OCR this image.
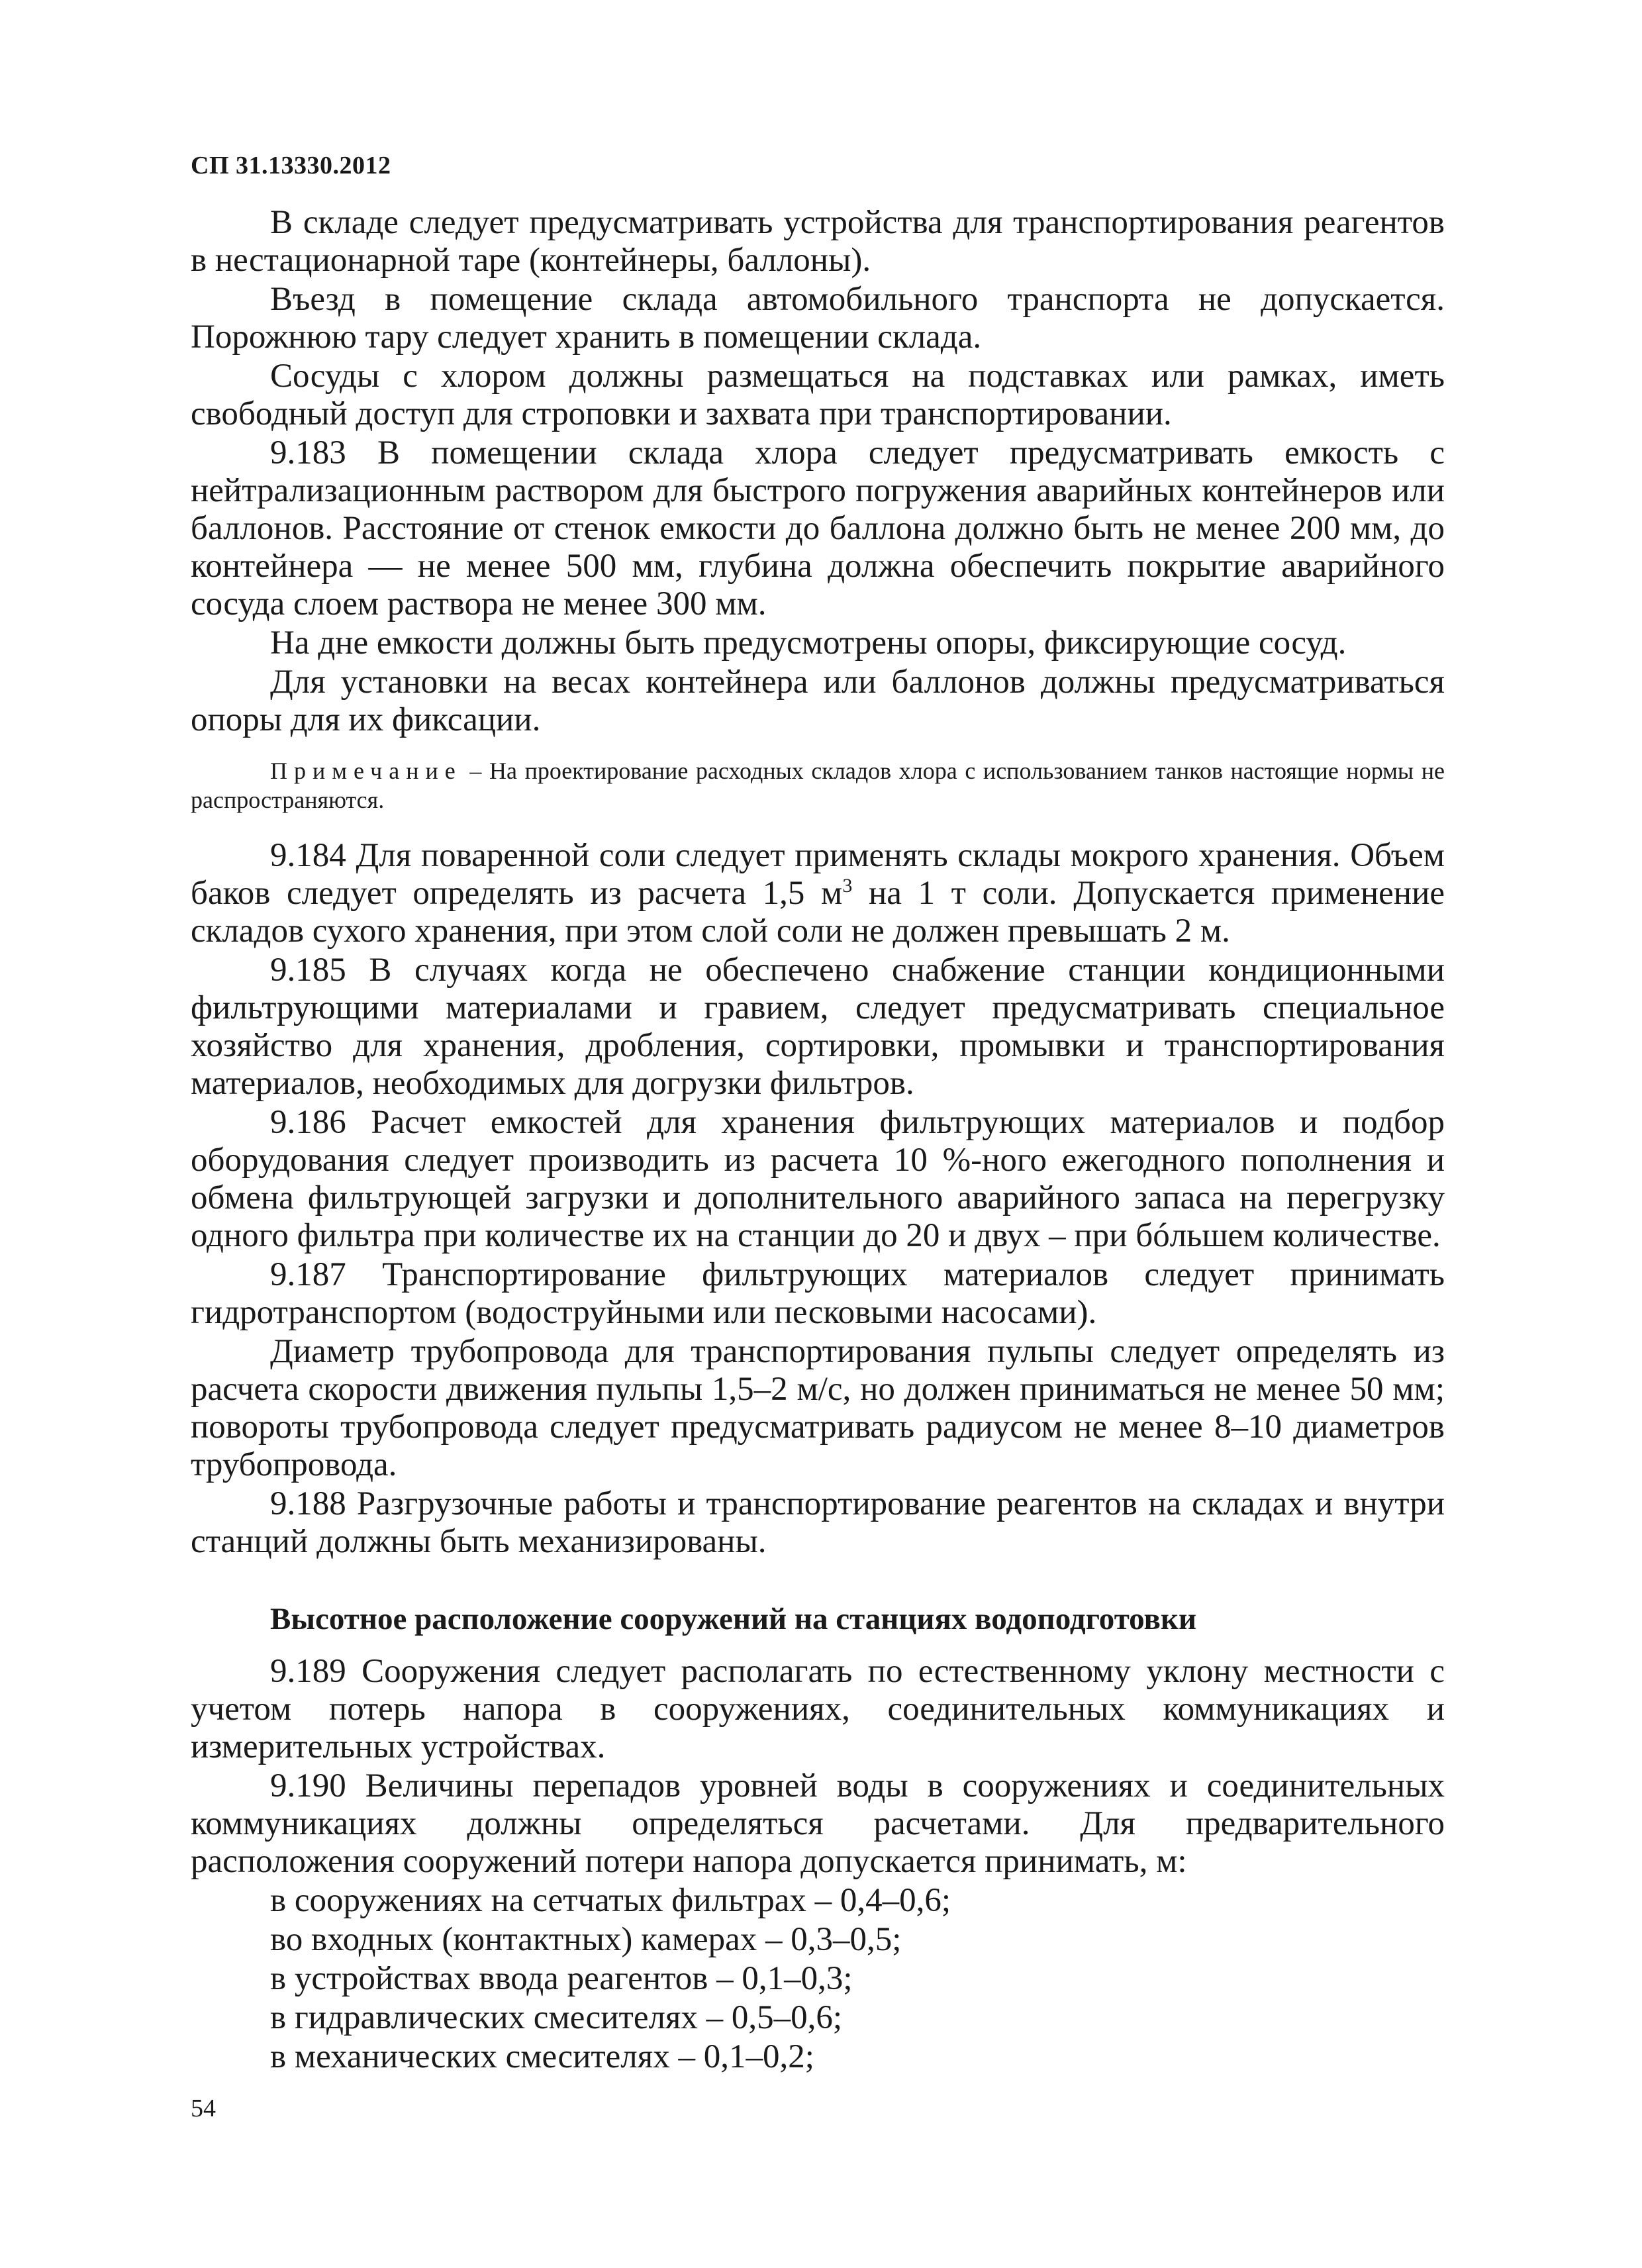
СП 31.13330.2012

В складе следует предусматривать устройства для транспортирования реагентов в нестационарной таре (контейнеры, баллоны).

Въезд в помещение склада автомобильного транспорта не допускается. Порожнюю тару следует хранить в помещении склада.

Сосуды с хлором должны размещаться на подставках или рамках, иметь свободный доступ для строповки и захвата при транспортировании.

9.183 В помещении склада хлора следует предусматривать емкость с нейтрализационным раствором для быстрого погружения аварийных контейнеров или баллонов. Расстояние от стенок емкости до баллона должно быть не менее 200 мм, до контейнера — не менее 500 мм, глубина должна обеспечить покрытие аварийного сосуда слоем раствора не менее 300 мм.

На дне емкости должны быть предусмотрены опоры, фиксирующие сосуд.

Для установки на весах контейнера или баллонов должны предусматриваться опоры для их фиксации.

Примечание – На проектирование расходных складов хлора с использованием танков настоящие нормы не распространяются.

9.184 Для поваренной соли следует применять склады мокрого хранения. Объем баков следует определять из расчета 1,5 $м^3$ на 1 т соли. Допускается применение складов сухого хранения, при этом слой соли не должен превышать 2 м.

9.185 В случаях когда не обеспечено снабжение станции кондиционными фильтрующими материалами и гравием, следует предусматривать специальное хозяйство для хранения, дробления, сортировки, промывки и транспортирования материалов, необходимых для догрузки фильтров.

9.186 Расчет емкостей для хранения фильтрующих материалов и подбор оборудования следует производить из расчета 10 %-ного ежегодного пополнения и обмена фильтрующей загрузки и дополнительного аварийного запаса на перегрузку одного фильтра при количестве их на станции до 20 и двух – при бóльшем количестве.

9.187 Транспортирование фильтрующих материалов следует принимать гидротранспортом (водоструйными или песковыми насосами).

Диаметр трубопровода для транспортирования пульпы следует определять из расчета скорости движения пульпы 1,5–2 м/с, но должен приниматься не менее 50 мм; повороты трубопровода следует предусматривать радиусом не менее 8–10 диаметров трубопровода.

9.188 Разгрузочные работы и транспортирование реагентов на складах и внутри станций должны быть механизированы.

Высотное расположение сооружений на станциях водоподготовки

9.189 Сооружения следует располагать по естественному уклону местности с учетом потерь напора в сооружениях, соединительных коммуникациях и измерительных устройствах.

9.190 Величины перепадов уровней воды в сооружениях и соединительных коммуникациях должны определяться расчетами. Для предварительного расположения сооружений потери напора допускается принимать, м:

в сооружениях на сетчатых фильтрах – 0,4–0,6;
во входных (контактных) камерах – 0,3–0,5;
в устройствах ввода реагентов – 0,1–0,3;
в гидравлических смесителях – 0,5–0,6;
в механических смесителях – 0,1–0,2;
54
